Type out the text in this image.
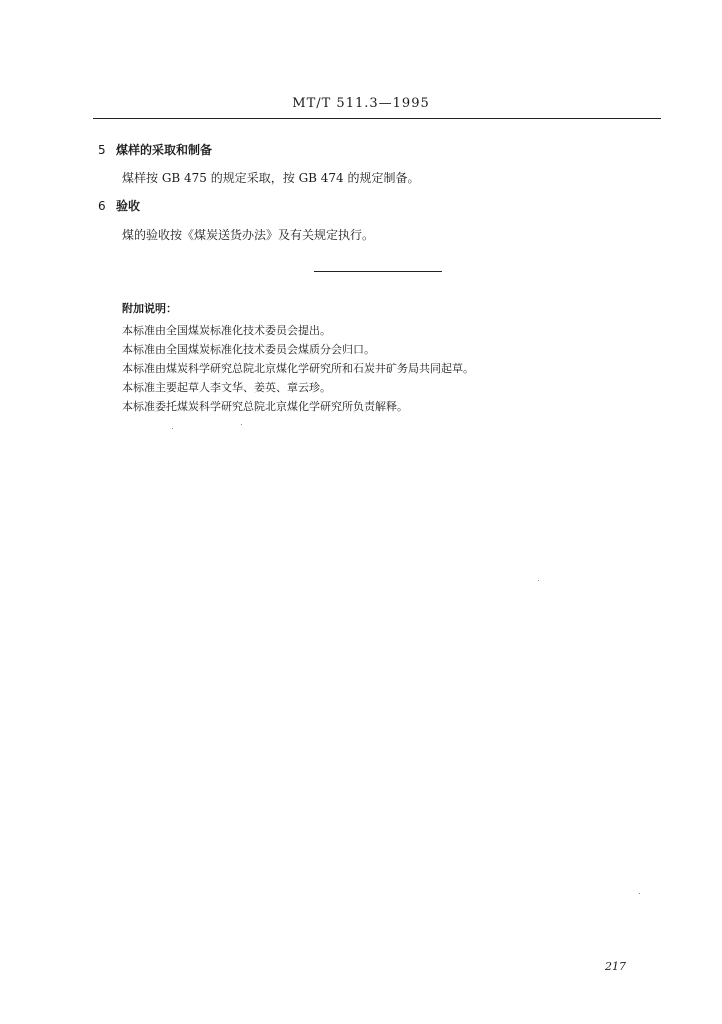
MT/T 511.3—1995
5 煤样的采取和制备
煤样按 GB 475 的规定采取，按 GB 474 的规定制备。
6 验收
煤的验收按《煤炭送货办法》及有关规定执行。
附加说明：
本标准由全国煤炭标准化技术委员会提出。
本标准由全国煤炭标准化技术委员会煤质分会归口。
本标准由煤炭科学研究总院北京煤化学研究所和石炭井矿务局共同起草。
本标准主要起草人李文华、姜英、章云珍。
本标准委托煤炭科学研究总院北京煤化学研究所负责解释。
217
